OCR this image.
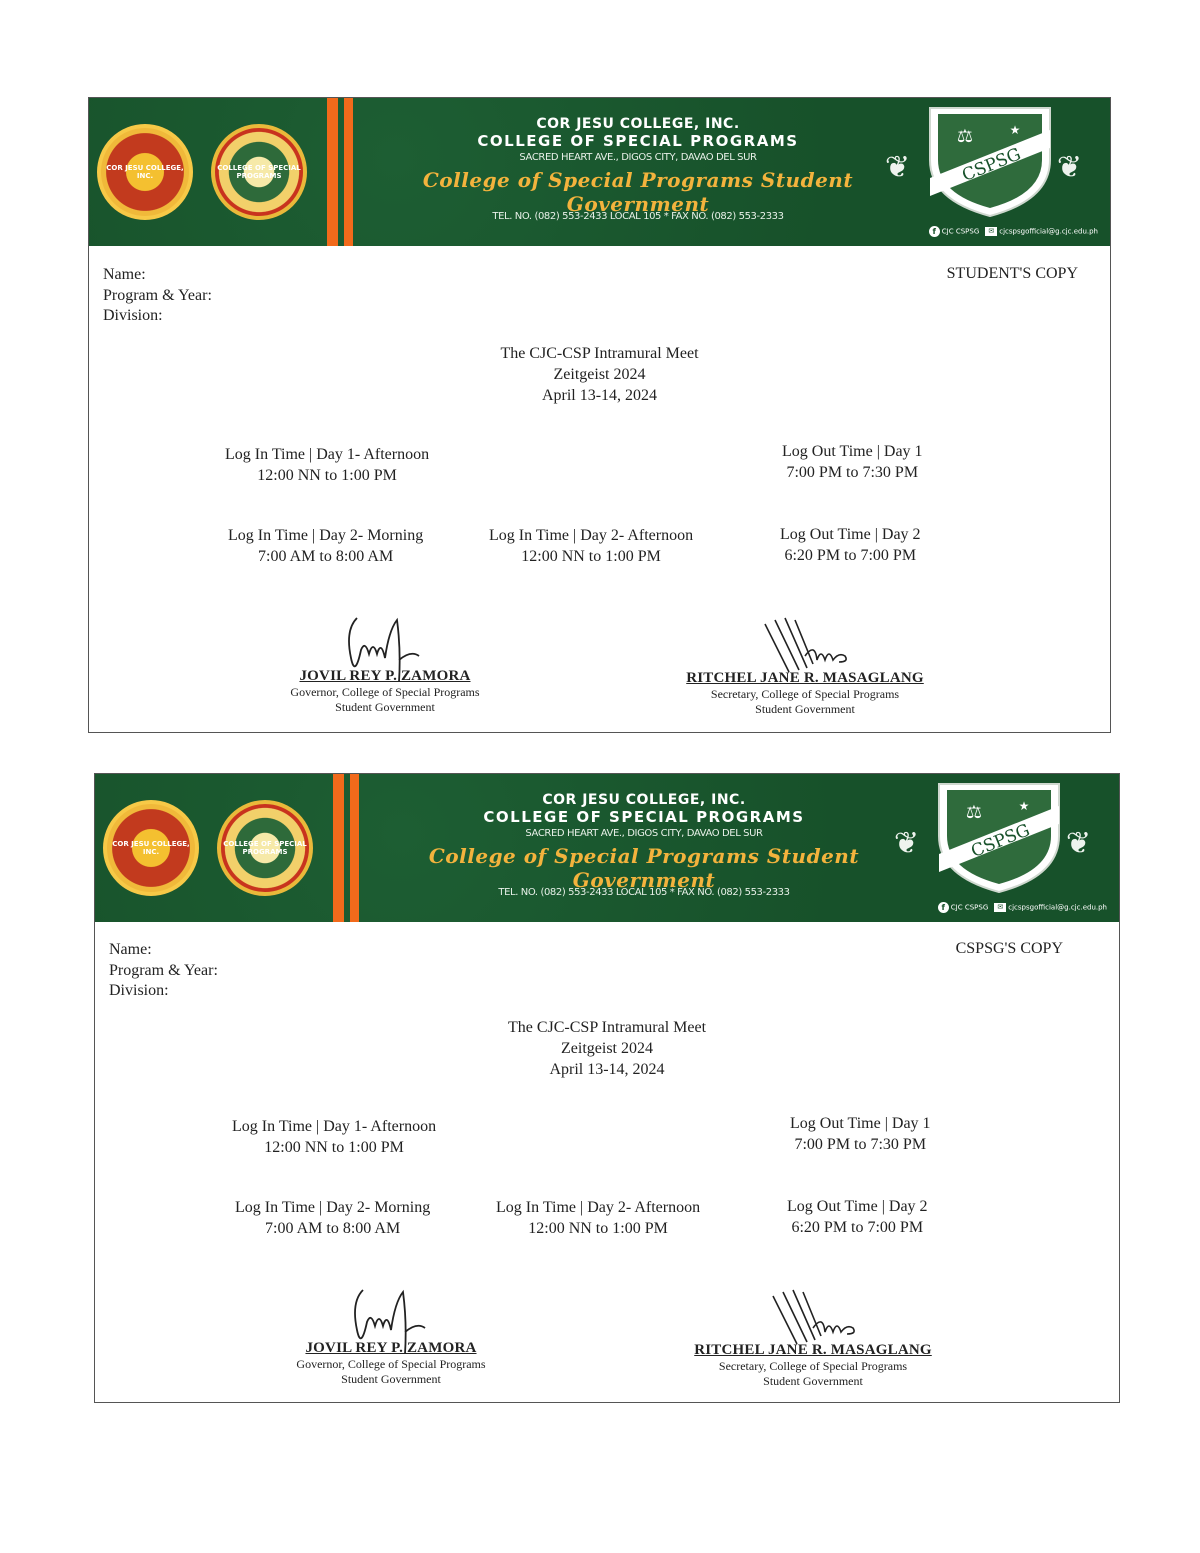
COR JESU COLLEGE, INC.
COLLEGE OF SPECIAL PROGRAMS
COR JESU COLLEGE, INC.
COLLEGE OF SPECIAL PROGRAMS
SACRED HEART AVE., DIGOS CITY, DAVAO DEL SUR
College of Special Programs Student Government
TEL. NO. (082) 553-2433 LOCAL 105 * FAX NO. (082) 553-2333
❦	CSPSG
⚖	★
❦
f CJC CSPSG ✉ cjcspsgofficial@g.cjc.edu.ph
Name:
Program & Year:
Division:
STUDENT'S COPY
The CJC-CSP Intramural Meet
Zeitgeist 2024
April 13-14, 2024
Log In Time | Day 1- Afternoon
12:00 NN to 1:00 PM
Log Out Time | Day 1
7:00 PM to 7:30 PM
Log In Time | Day 2- Morning
7:00 AM to 8:00 AM
Log In Time | Day 2- Afternoon
12:00 NN to 1:00 PM
Log Out Time | Day 2
6:20 PM to 7:00 PM
JOVIL REY P. ZAMORA
Governor, College of Special Programs
Student Government
RITCHEL JANE R. MASAGLANG
Secretary, College of Special Programs
Student Government
COR JESU COLLEGE, INC.
COLLEGE OF SPECIAL PROGRAMS
COR JESU COLLEGE, INC.
COLLEGE OF SPECIAL PROGRAMS
SACRED HEART AVE., DIGOS CITY, DAVAO DEL SUR
College of Special Programs Student Government
TEL. NO. (082) 553-2433 LOCAL 105 * FAX NO. (082) 553-2333
❦	CSPSG
⚖	★
❦
f CJC CSPSG ✉ cjcspsgofficial@g.cjc.edu.ph
Name:
Program & Year:
Division:
CSPSG'S COPY
The CJC-CSP Intramural Meet
Zeitgeist 2024
April 13-14, 2024
Log In Time | Day 1- Afternoon
12:00 NN to 1:00 PM
Log Out Time | Day 1
7:00 PM to 7:30 PM
Log In Time | Day 2- Morning
7:00 AM to 8:00 AM
Log In Time | Day 2- Afternoon
12:00 NN to 1:00 PM
Log Out Time | Day 2
6:20 PM to 7:00 PM
JOVIL REY P. ZAMORA
Governor, College of Special Programs
Student Government
RITCHEL JANE R. MASAGLANG
Secretary, College of Special Programs
Student Government
